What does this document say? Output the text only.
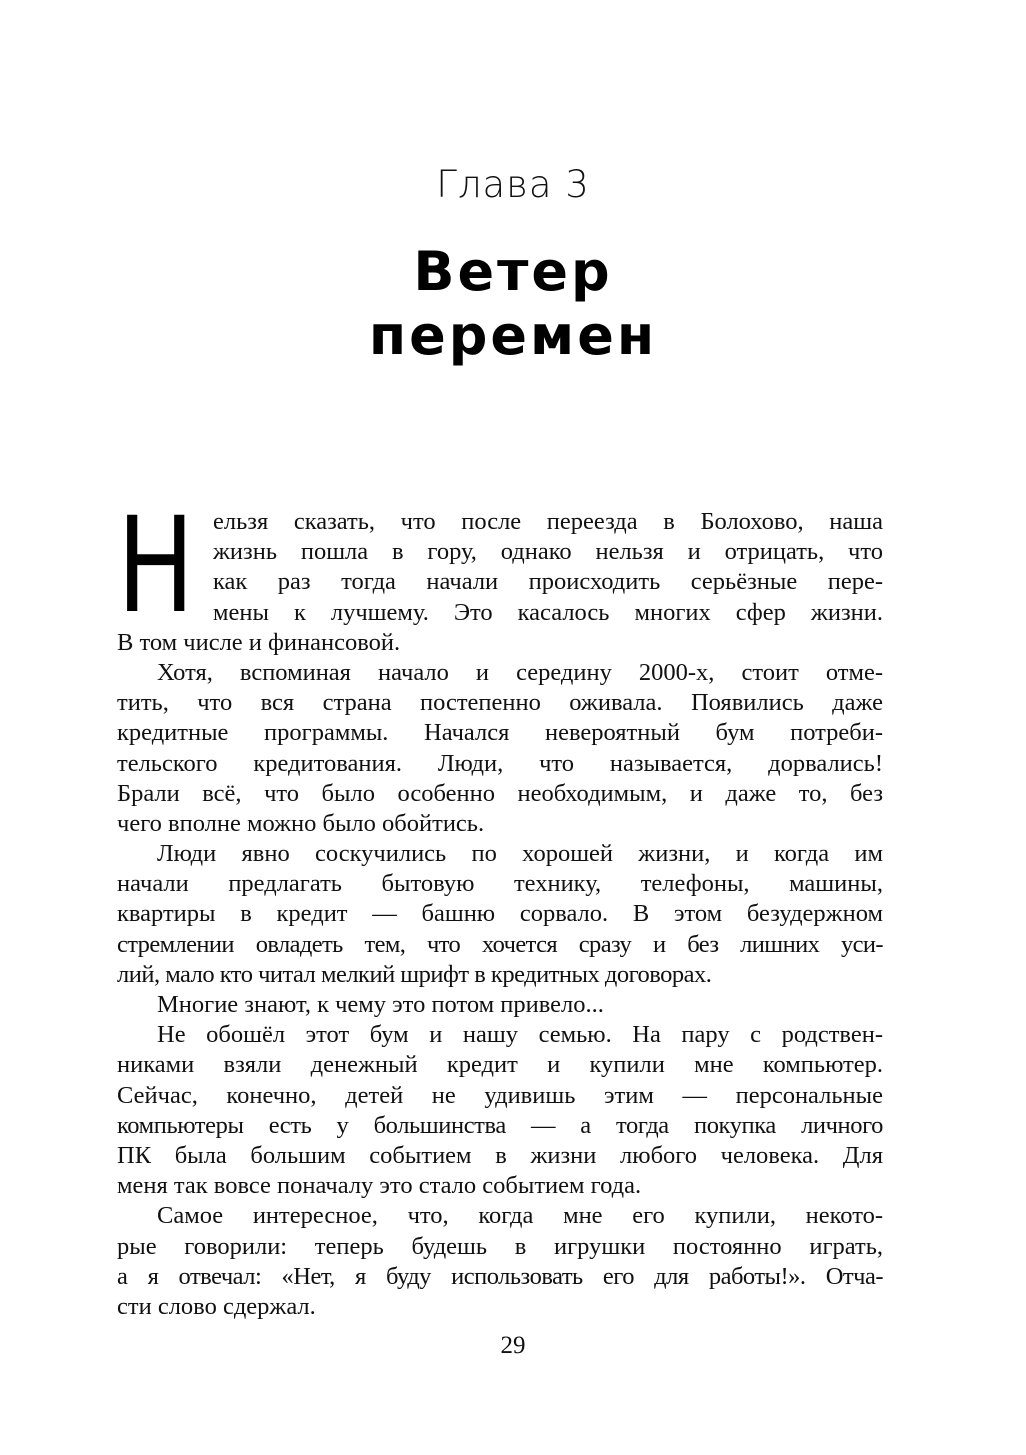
Глава 3
Ветер
перемен
Н ельзя сказать, что после переезда в Болохово, наша
жизнь пошла в гору, однако нельзя и отрицать, что
как раз тогда начали происходить серьёзные пере-
мены к лучшему. Это касалось многих сфер жизни.
В том числе и финансовой.
Хотя, вспоминая начало и середину 2000-х, стоит отме-
тить, что вся страна постепенно оживала. Появились даже
кредитные программы. Начался невероятный бум потреби-
тельского кредитования. Люди, что называется, дорвались!
Брали всё, что было особенно необходимым, и даже то, без
чего вполне можно было обойтись.
Люди явно соскучились по хорошей жизни, и когда им
начали предлагать бытовую технику, телефоны, машины,
квартиры в кредит — башню сорвало. В этом безудержном
стремлении овладеть тем, что хочется сразу и без лишних уси-
лий, мало кто читал мелкий шрифт в кредитных договорах.
Многие знают, к чему это потом привело...
Не обошёл этот бум и нашу семью. На пару с родствен-
никами взяли денежный кредит и купили мне компьютер.
Сейчас, конечно, детей не удивишь этим — персональные
компьютеры есть у большинства — а тогда покупка личного
ПК была большим событием в жизни любого человека. Для
меня так вовсе поначалу это стало событием года.
Самое интересное, что, когда мне его купили, некото-
рые говорили: теперь будешь в игрушки постоянно играть,
а я отвечал: «Нет, я буду использовать его для работы!». Отча-
сти слово сдержал.
29
